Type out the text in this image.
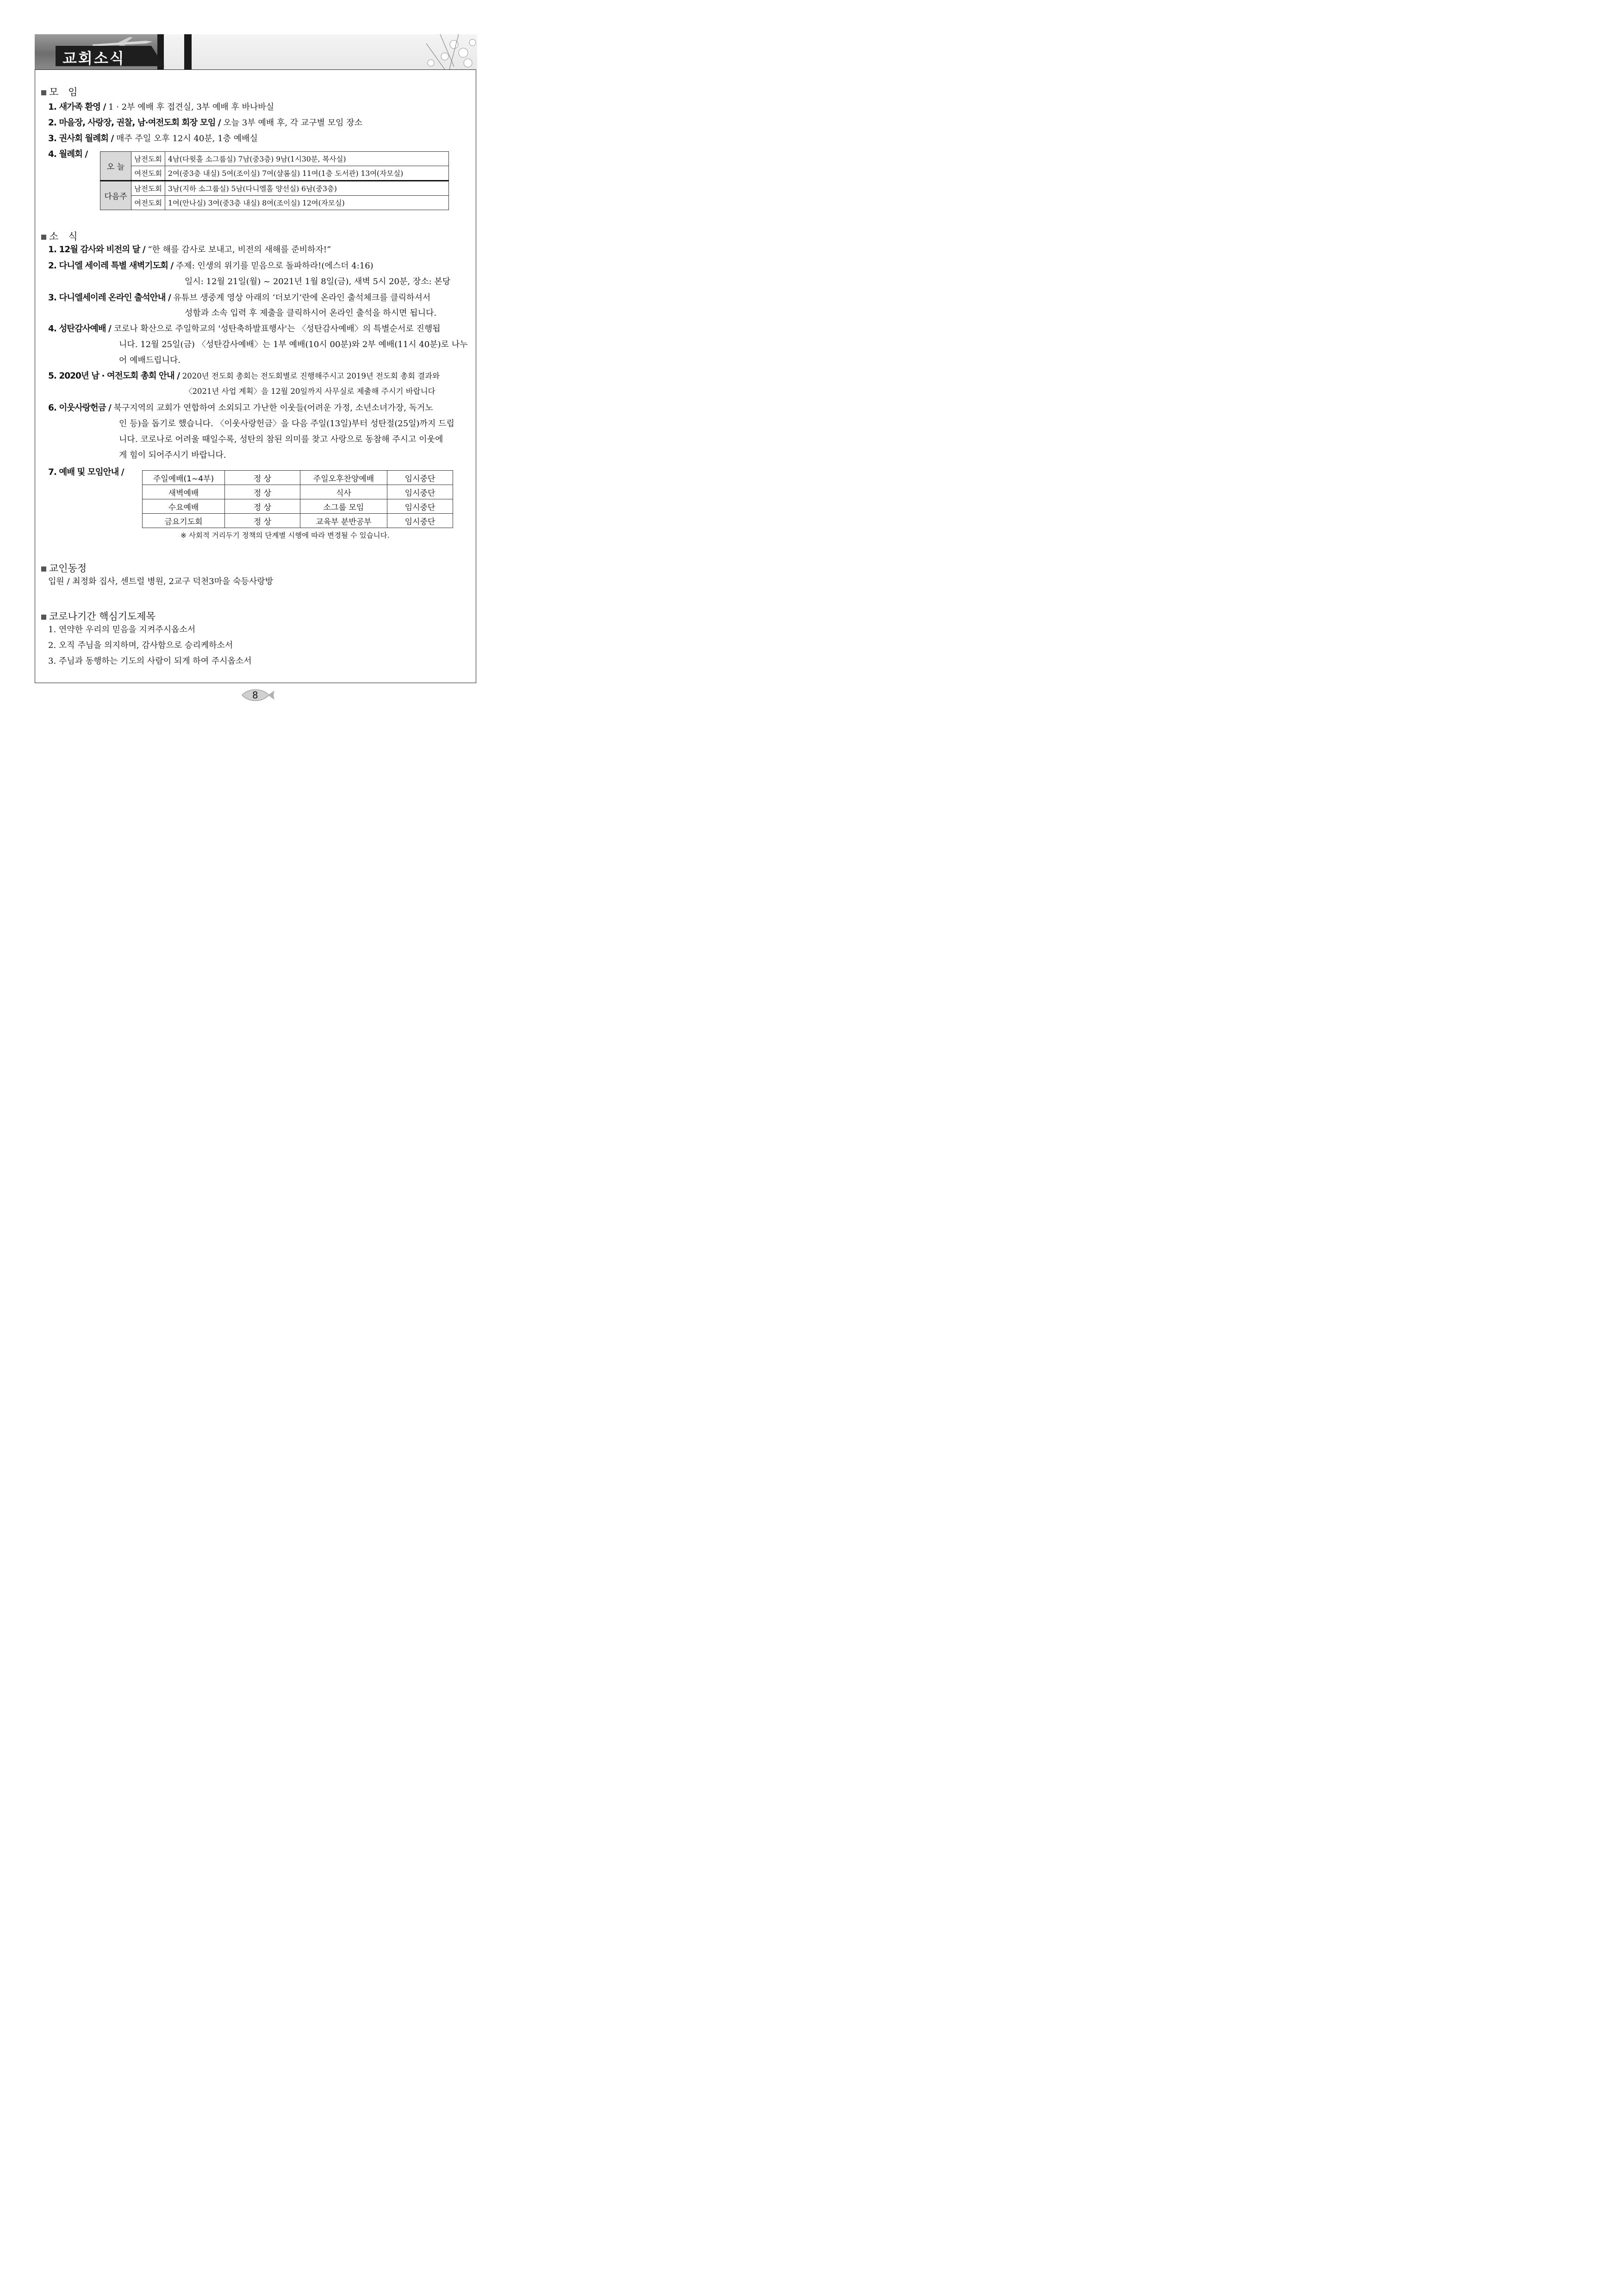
교회소식
모　임
1. 새가족 환영 / 1 · 2부 예배 후 접견실, 3부 예배 후 바나바실
2. 마을장, 사랑장, 권찰, 남·여전도회 회장 모임 / 오늘 3부 예배 후, 각 교구별 모임 장소
3. 권사회 월례회 / 매주 주일 오후 12시 40분, 1층 예배실
4. 월례회 /
오 늘	남전도회	4남(다윗홀 소그룹실) 7남(중3층) 9남(1시30분, 복사실)
	여전도회	2여(중3층 내실) 5여(조이실) 7여(샬롬실) 11여(1층 도서관) 13여(자모실)
다음주	남전도회	3남(지하 소그룹실) 5남(다니엘홀 양선실) 6남(중3층)
	여전도회	1여(안나실) 3여(중3층 내실) 8여(조이실) 12여(자모실)
소　식
1. 12월 감사와 비전의 달 / “한 해를 감사로 보내고, 비전의 새해를 준비하자!”
2. 다니엘 세이레 특별 새벽기도회 / 주제: 인생의 위기를 믿음으로 돌파하라!(에스더 4:16)
일시: 12월 21일(월) ~ 2021년 1월 8일(금), 새벽 5시 20분, 장소: 본당
3. 다니엘세이레 온라인 출석안내 / 유튜브 생중계 영상 아래의 ‘더보기’란에 온라인 출석체크를 클릭하셔서
성함과 소속 입력 후 제출을 클릭하시어 온라인 출석을 하시면 됩니다.
4. 성탄감사예배 / 코로나 확산으로 주일학교의 '성탄축하발표행사'는 〈성탄감사예배〉의 특별순서로 진행됩
니다. 12월 25일(금) 〈성탄감사예배〉는 1부 예배(10시 00분)와 2부 예배(11시 40분)로 나누
어 예배드립니다.
5. 2020년 남 · 여전도회 총회 안내 / 2020년 전도회 총회는 전도회별로 진행해주시고 2019년 전도회 총회 결과와
〈2021년 사업 계획〉을 12월 20일까지 사무실로 제출해 주시기 바랍니다
6. 이웃사랑헌금 / 북구지역의 교회가 연합하여 소외되고 가난한 이웃들(어려운 가정, 소년소녀가장, 독거노
인 등)을 돕기로 했습니다. 〈이웃사랑헌금〉을 다음 주일(13일)부터 성탄절(25일)까지 드립
니다. 코로나로 어려울 때일수록, 성탄의 참된 의미를 찾고 사랑으로 동참해 주시고 이웃에
게 힘이 되어주시기 바랍니다.
7. 예배 및 모임안내 /
주일예배(1~4부)	정 상	주일오후찬양예배	임시중단
새벽예배	정 상	식사	임시중단
수요예배	정 상	소그룹 모임	임시중단
금요기도회	정 상	교육부 분반공부	임시중단
※ 사회적 거리두기 정책의 단계별 시행에 따라 변경될 수 있습니다.
교인동정
입원 / 최정화 집사, 센트럴 병원, 2교구 덕천3마을 숙등사랑방
코로나기간 핵심기도제목
1. 연약한 우리의 믿음을 지켜주시옵소서
2. 오직 주님을 의지하며, 감사함으로 승리케하소서
3. 주님과 동행하는 기도의 사람이 되게 하여 주시옵소서
8
